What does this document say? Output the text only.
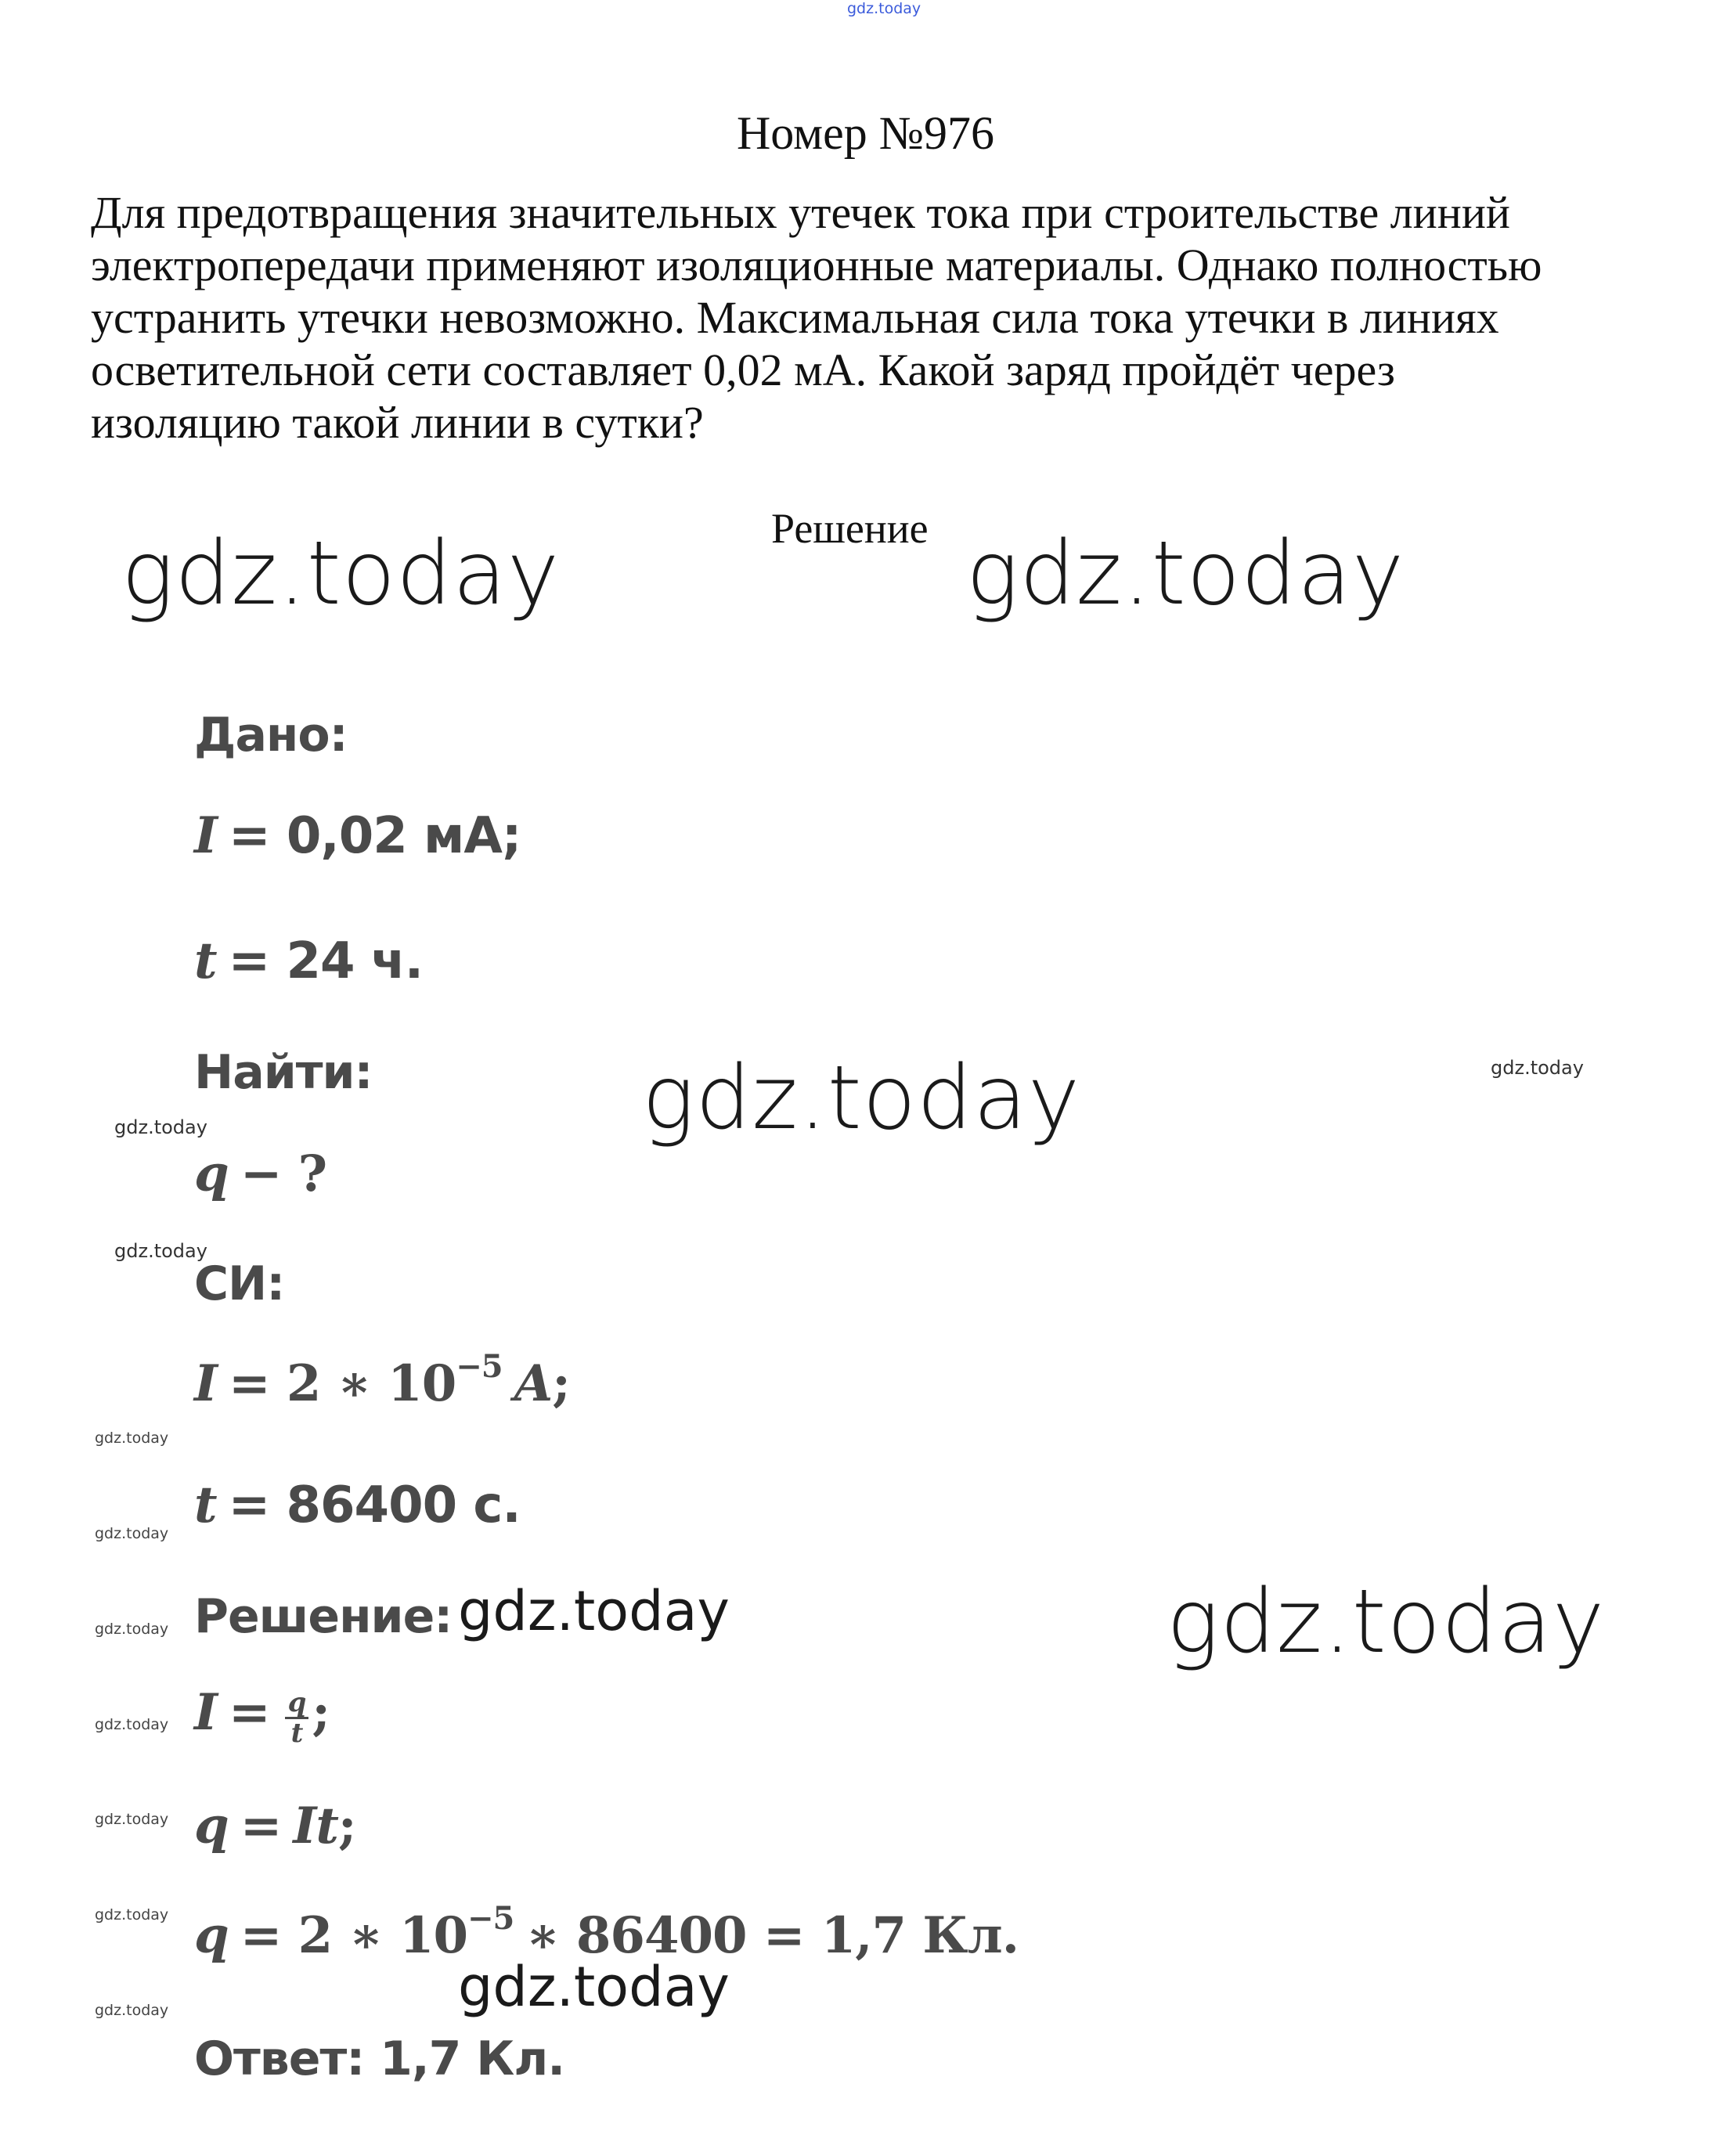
gdz.today
Номер №976
Для предотвращения значительных утечек тока при строительстве линий
электропередачи применяют изоляционные материалы. Однако полностью
устранить утечки невозможно. Максимальная сила тока утечки в линиях
осветительной сети составляет 0,02 мА. Какой заряд пройдёт через
изоляцию такой линии в сутки?
Решение
gdz.today	gdz.today
gdz.today
gdz.today
gdz.today
gdz.today
gdz.today
gdz.today
gdz.today
gdz.today
gdz.today
gdz.today
gdz.today
gdz.today
gdz.today
gdz.today
Дано:
I = 0,02 мА;
t = 24 ч.
Найти:
q − ?
СИ:
I = 2 ∗ $10^{-5}$ A;
t = 86400 с.
Решение:
$I = \frac{q}{t}$ ;
q = It;
q = 2 ∗ $10^{-5}$ ∗ 86400 = 1,7 Кл.
Ответ: 1,7 Кл.
